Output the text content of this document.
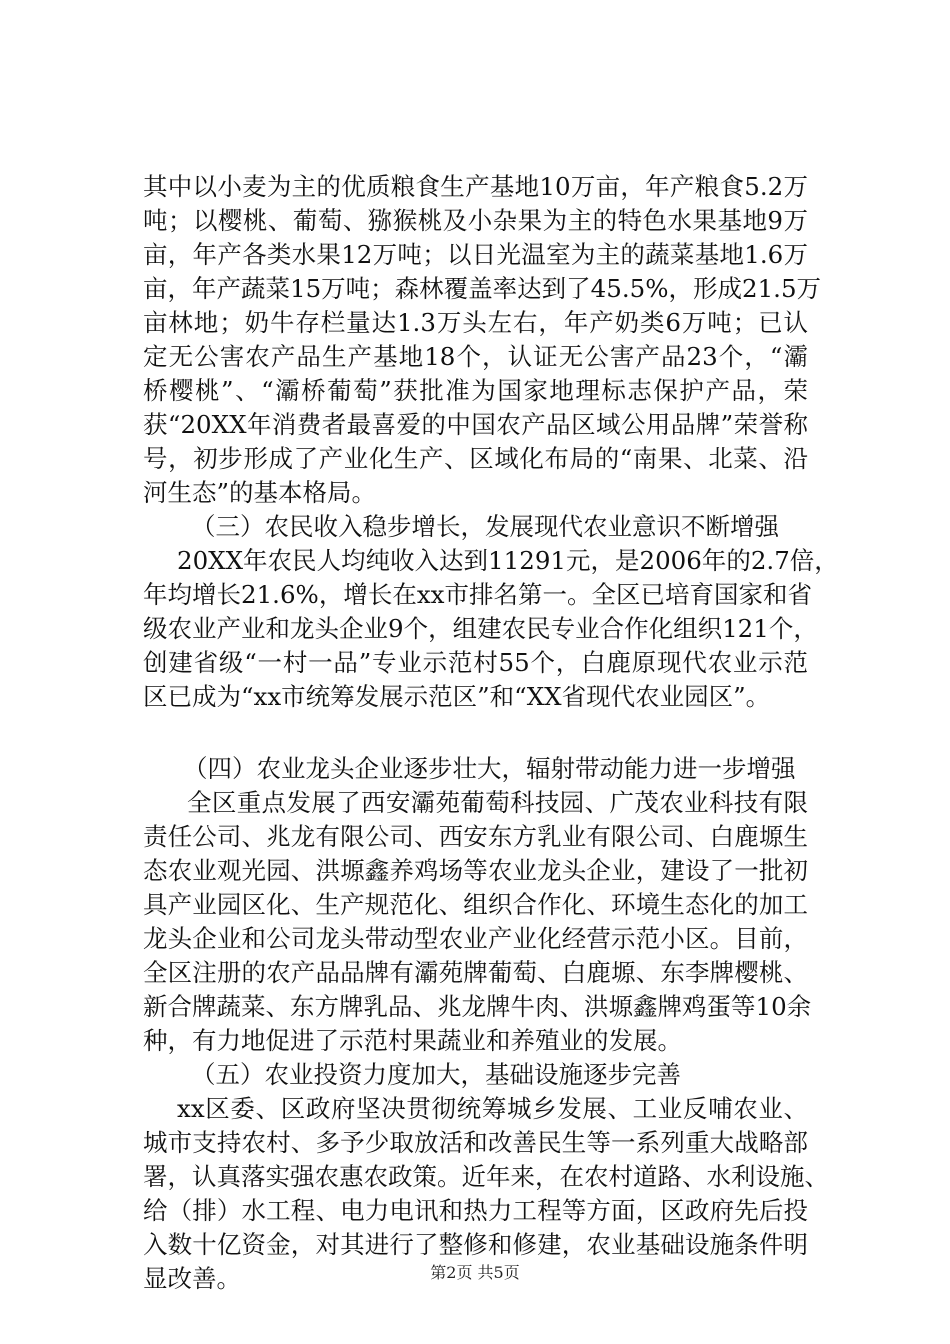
其中以小麦为主的优质粮食生产基地10万亩，年产粮食5.2万
吨；以樱桃、葡萄、猕猴桃及小杂果为主的特色水果基地9万
亩，年产各类水果12万吨；以日光温室为主的蔬菜基地1.6万
亩，年产蔬菜15万吨；森林覆盖率达到了45.5%，形成21.5万
亩林地；奶牛存栏量达1.3万头左右，年产奶类6万吨；已认
定无公害农产品生产基地18个，认证无公害产品23个，“灞
桥樱桃”、“灞桥葡萄”获批准为国家地理标志保护产品，荣
获“20XX年消费者最喜爱的中国农产品区域公用品牌”荣誉称
号，初步形成了产业化生产、区域化布局的“南果、北菜、沿
河生态”的基本格局。
（三）农民收入稳步增长，发展现代农业意识不断增强
20XX年农民人均纯收入达到11291元，是2006年的2.7倍，
年均增长21.6%，增长在xx市排名第一。全区已培育国家和省
级农业产业和龙头企业9个，组建农民专业合作化组织121个，
创建省级“一村一品”专业示范村55个，白鹿原现代农业示范
区已成为“xx市统筹发展示范区”和“XX省现代农业园区”。
（四）农业龙头企业逐步壮大，辐射带动能力进一步增强
全区重点发展了西安灞苑葡萄科技园、广茂农业科技有限
责任公司、兆龙有限公司、西安东方乳业有限公司、白鹿塬生
态农业观光园、洪塬鑫养鸡场等农业龙头企业，建设了一批初
具产业园区化、生产规范化、组织合作化、环境生态化的加工
龙头企业和公司龙头带动型农业产业化经营示范小区。目前，
全区注册的农产品品牌有灞苑牌葡萄、白鹿塬、东李牌樱桃、
新合牌蔬菜、东方牌乳品、兆龙牌牛肉、洪塬鑫牌鸡蛋等10余
种，有力地促进了示范村果蔬业和养殖业的发展。
（五）农业投资力度加大，基础设施逐步完善
xx区委、区政府坚决贯彻统筹城乡发展、工业反哺农业、
城市支持农村、多予少取放活和改善民生等一系列重大战略部
署，认真落实强农惠农政策。近年来，在农村道路、水利设施、
给（排）水工程、电力电讯和热力工程等方面，区政府先后投
入数十亿资金，对其进行了整修和修建，农业基础设施条件明
显改善。	第2页 共5页
